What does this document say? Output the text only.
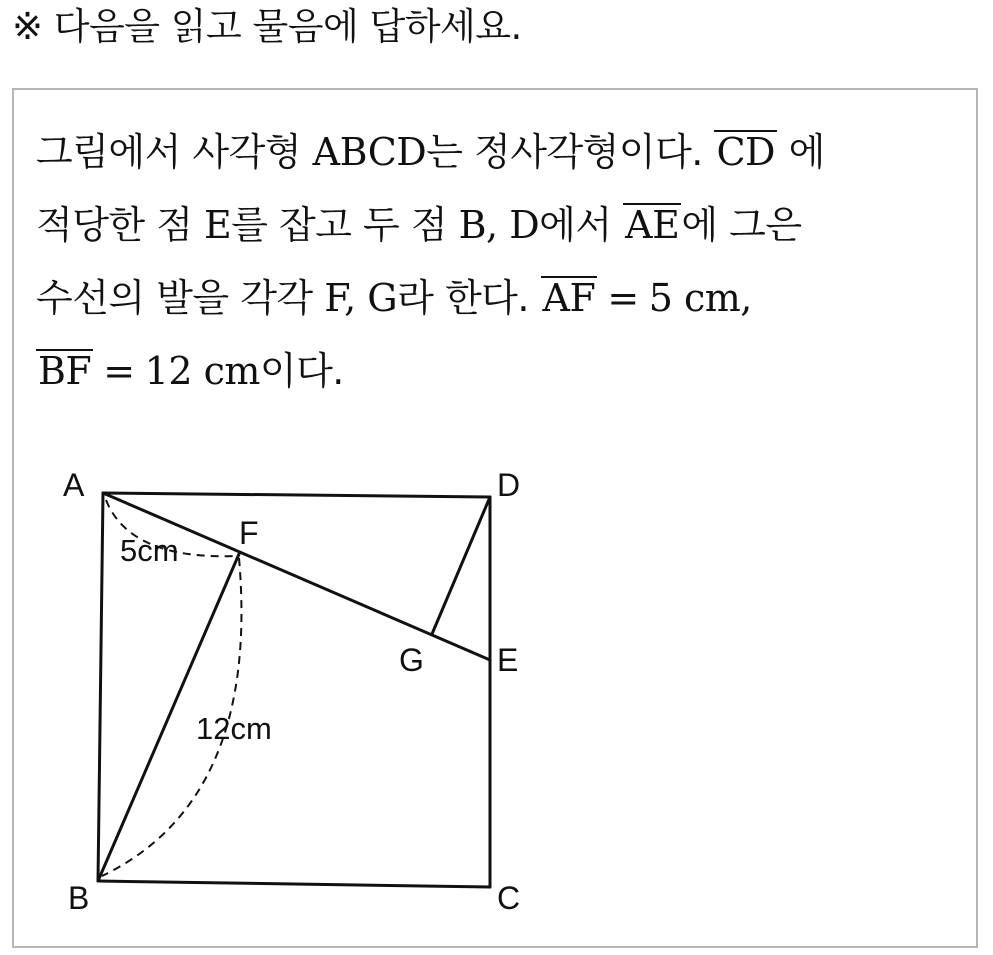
※ 다음을 읽고 물음에 답하세요.
그림에서 사각형 ABCD는 정사각형이다. CD 에
적당한 점 E를 잡고 두 점 B, D에서 AE에 그은
수선의 발을 각각 F, G라 한다. AF = 5 cm,
BF = 12 cm이다.
A	D
B	C
E
F
G
5cm
12cm
